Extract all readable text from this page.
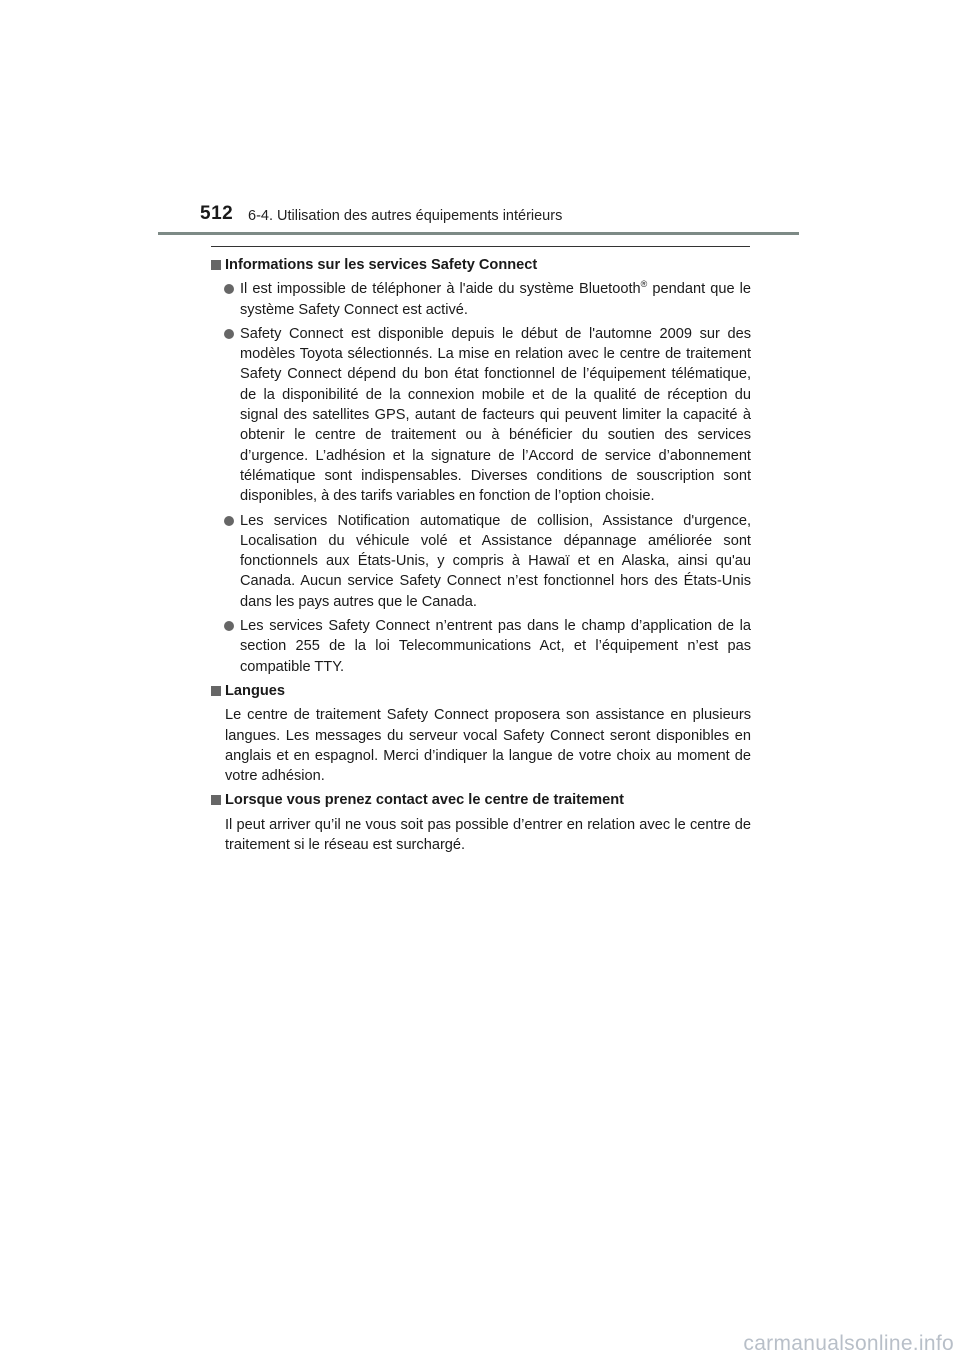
512 6-4. Utilisation des autres équipements intérieurs
Informations sur les services Safety Connect
Il est impossible de téléphoner à l'aide du système Bluetooth® pendant que le système Safety Connect est activé.
Safety Connect est disponible depuis le début de l'automne 2009 sur des modèles Toyota sélectionnés. La mise en relation avec le centre de traitement Safety Connect dépend du bon état fonctionnel de l’équipement télématique, de la disponibilité de la connexion mobile et de la qualité de réception du signal des satellites GPS, autant de facteurs qui peuvent limiter la capacité à obtenir le centre de traitement ou à bénéficier du soutien des services d’urgence. L’adhésion et la signature de l’Accord de service d’abonnement télématique sont indispensables. Diverses conditions de souscription sont disponibles, à des tarifs variables en fonction de l’option choisie.
Les services Notification automatique de collision, Assistance d'urgence, Localisation du véhicule volé et Assistance dépannage améliorée sont fonctionnels aux États-Unis, y compris à Hawaï et en Alaska, ainsi qu'au Canada. Aucun service Safety Connect n’est fonctionnel hors des États-Unis dans les pays autres que le Canada.
Les services Safety Connect n’entrent pas dans le champ d’application de la section 255 de la loi Telecommunications Act, et l’équipement n’est pas compatible TTY.
Langues
Le centre de traitement Safety Connect proposera son assistance en plusieurs langues. Les messages du serveur vocal Safety Connect seront disponibles en anglais et en espagnol. Merci d’indiquer la langue de votre choix au moment de votre adhésion.
Lorsque vous prenez contact avec le centre de traitement
Il peut arriver qu’il ne vous soit pas possible d’entrer en relation avec le centre de traitement si le réseau est surchargé.
carmanualsonline.info
